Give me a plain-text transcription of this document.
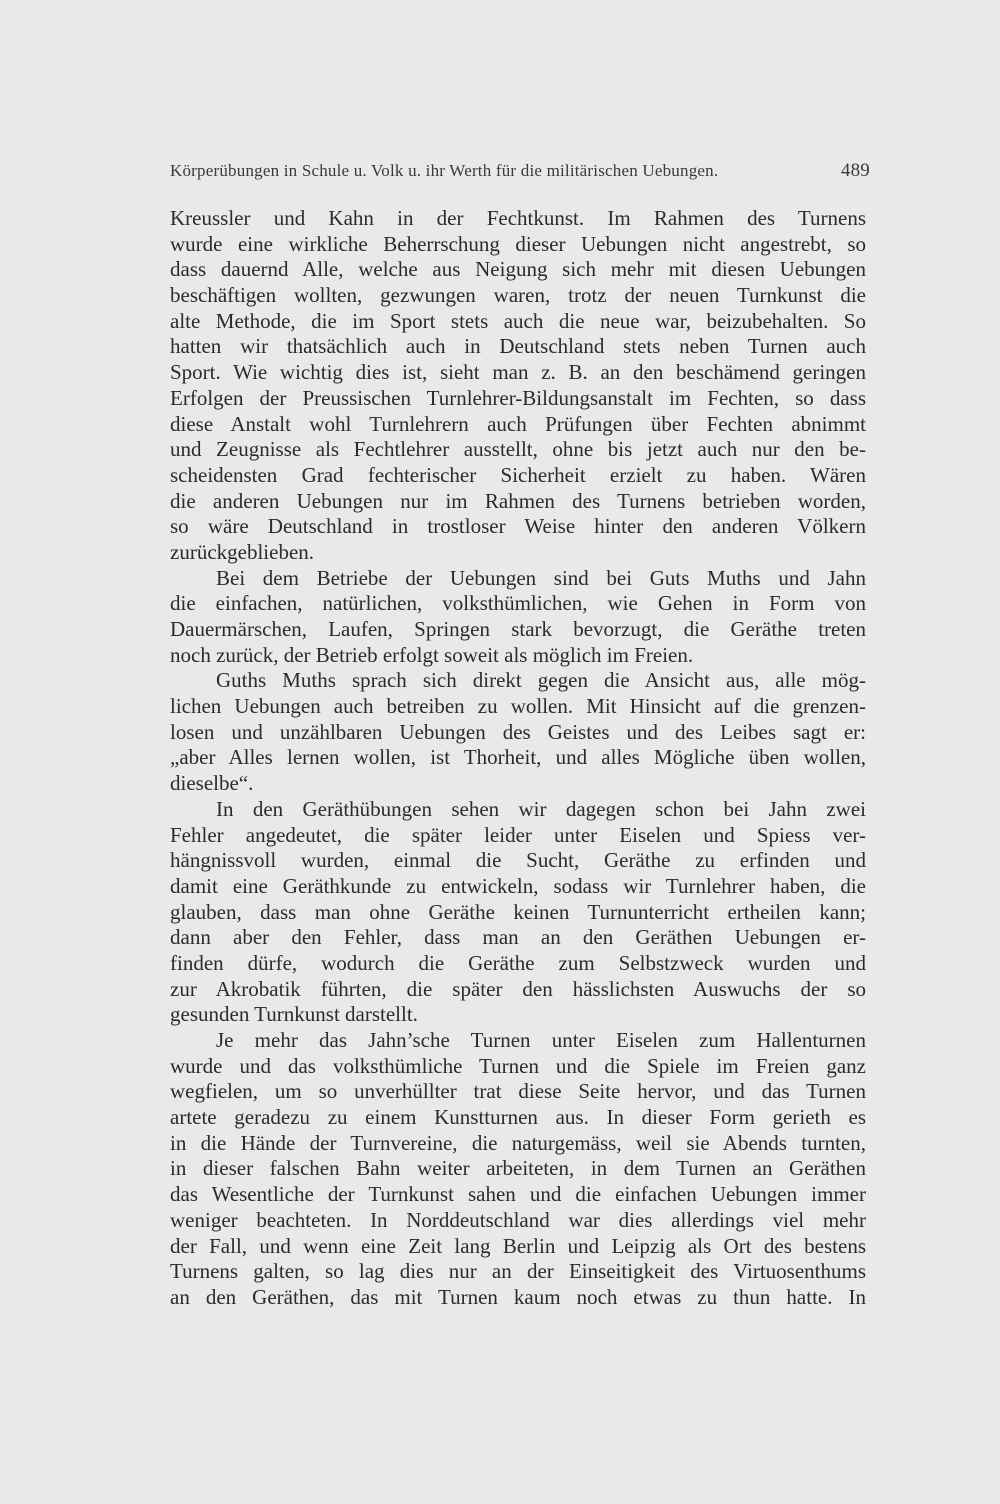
Körperübungen in Schule u. Volk u. ihr Werth für die militärischen Uebungen.	489
Kreussler und Kahn in der Fechtkunst. Im Rahmen des Turnens
wurde eine wirkliche Beherrschung dieser Uebungen nicht angestrebt, so
dass dauernd Alle, welche aus Neigung sich mehr mit diesen Uebungen
beschäftigen wollten, gezwungen waren, trotz der neuen Turnkunst die
alte Methode, die im Sport stets auch die neue war, beizubehalten. So
hatten wir thatsächlich auch in Deutschland stets neben Turnen auch
Sport. Wie wichtig dies ist, sieht man z. B. an den beschämend geringen
Erfolgen der Preussischen Turnlehrer-Bildungsanstalt im Fechten, so dass
diese Anstalt wohl Turnlehrern auch Prüfungen über Fechten abnimmt
und Zeugnisse als Fechtlehrer ausstellt, ohne bis jetzt auch nur den be-
scheidensten Grad fechterischer Sicherheit erzielt zu haben. Wären
die anderen Uebungen nur im Rahmen des Turnens betrieben worden,
so wäre Deutschland in trostloser Weise hinter den anderen Völkern
zurückgeblieben.
Bei dem Betriebe der Uebungen sind bei Guts Muths und Jahn
die einfachen, natürlichen, volksthümlichen, wie Gehen in Form von
Dauermärschen, Laufen, Springen stark bevorzugt, die Geräthe treten
noch zurück, der Betrieb erfolgt soweit als möglich im Freien.
Guths Muths sprach sich direkt gegen die Ansicht aus, alle mög-
lichen Uebungen auch betreiben zu wollen. Mit Hinsicht auf die grenzen-
losen und unzählbaren Uebungen des Geistes und des Leibes sagt er:
„aber Alles lernen wollen, ist Thorheit, und alles Mögliche üben wollen,
dieselbe“.
In den Geräthübungen sehen wir dagegen schon bei Jahn zwei
Fehler angedeutet, die später leider unter Eiselen und Spiess ver-
hängnissvoll wurden, einmal die Sucht, Geräthe zu erfinden und
damit eine Geräthkunde zu entwickeln, sodass wir Turnlehrer haben, die
glauben, dass man ohne Geräthe keinen Turnunterricht ertheilen kann;
dann aber den Fehler, dass man an den Geräthen Uebungen er-
finden dürfe, wodurch die Geräthe zum Selbstzweck wurden und
zur Akrobatik führten, die später den hässlichsten Auswuchs der so
gesunden Turnkunst darstellt.
Je mehr das Jahn’sche Turnen unter Eiselen zum Hallenturnen
wurde und das volksthümliche Turnen und die Spiele im Freien ganz
wegfielen, um so unverhüllter trat diese Seite hervor, und das Turnen
artete geradezu zu einem Kunstturnen aus. In dieser Form gerieth es
in die Hände der Turnvereine, die naturgemäss, weil sie Abends turnten,
in dieser falschen Bahn weiter arbeiteten, in dem Turnen an Geräthen
das Wesentliche der Turnkunst sahen und die einfachen Uebungen immer
weniger beachteten. In Norddeutschland war dies allerdings viel mehr
der Fall, und wenn eine Zeit lang Berlin und Leipzig als Ort des bestens
Turnens galten, so lag dies nur an der Einseitigkeit des Virtuosenthums
an den Geräthen, das mit Turnen kaum noch etwas zu thun hatte. In
